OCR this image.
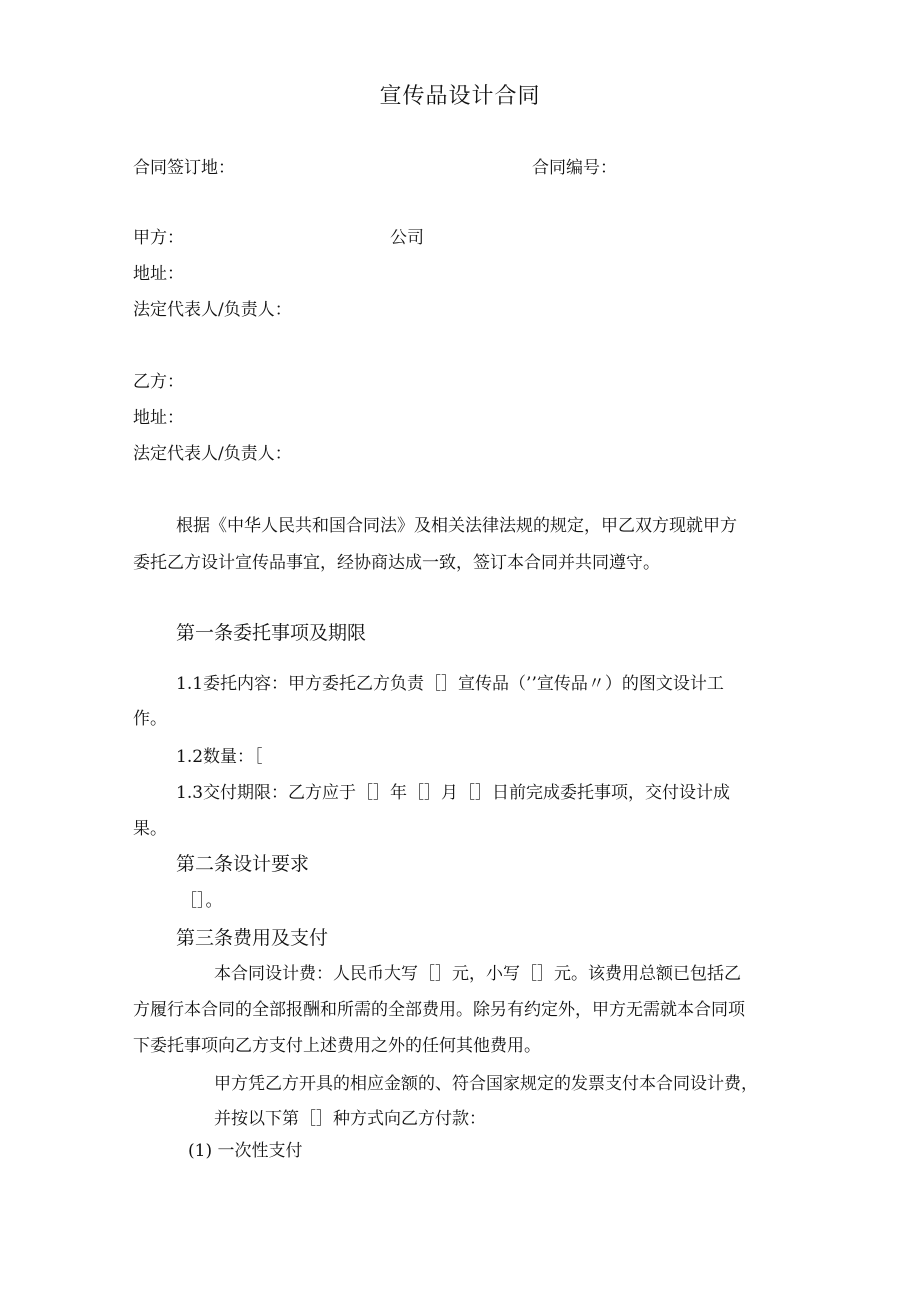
宣传品设计合同
合同签订地：	合同编号：
甲方：	公司
地址：
法定代表人/负责人：
乙方：
地址：
法定代表人/负责人：
根据《中华人民共和国合同法》及相关法律法规的规定，甲乙双方现就甲方
委托乙方设计宣传品事宜，经协商达成一致，签订本合同并共同遵守。
第一条委托事项及期限
1.1委托内容：甲方委托乙方负责［］宣传品（’’宣传品〃）的图文设计工
作。
1.2数量：［
1.3交付期限：乙方应于［］年［］月［］日前完成委托事项，交付设计成
果。
第二条设计要求
［］。
第三条费用及支付
本合同设计费：人民币大写［］元，小写［］元。该费用总额已包括乙
方履行本合同的全部报酬和所需的全部费用。除另有约定外，甲方无需就本合同项
下委托事项向乙方支付上述费用之外的任何其他费用。
甲方凭乙方开具的相应金额的、符合国家规定的发票支付本合同设计费，
并按以下第［］种方式向乙方付款：
(1) 一次性支付
